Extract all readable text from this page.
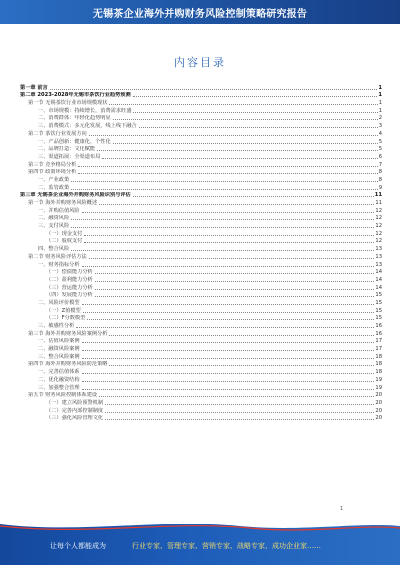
无锡茶企业海外并购财务风险控制策略研究报告
内容目录
第一章 前言	1
第二章 2023-2028年无锡市茶饮行业趋势预测	1
第一节 无锡茶饮行业市场规模现状	1
一、市场规模：持续增长，消费需求旺盛	1
二、消费群体：年轻化趋势明显	2
三、消费模式：多元化发展，线上线下融合	3
第二节 茶饮行业发展方向	4
一、产品创新：健康化、个性化	5
二、品牌打造：文化赋能	5
三、渠道拓展：全渠道布局	6
第三节 竞争格局分析	7
第四节 政策环境分析	8
一、产业政策	8
二、监管政策	9
第三章 无锡茶企业海外并购财务风险识别与评估	11
第一节 海外并购财务风险概述	11
一、并购估值风险	12
二、融资风险	12
三、支付风险	12
（一）现金支付	12
（二）股权支付	12
四、整合风险	13
第二节 财务风险评估方法	13
一、财务指标分析	13
（一）偿债能力分析	14
（二）盈利能力分析	14
（三）营运能力分析	14
（四）发展能力分析	15
二、风险评价模型	15
（一）Z值模型	15
（二）F分数模型	15
三、敏感性分析	16
第三节 海外并购财务风险案例分析	16
一、估值风险案例	17
二、融资风险案例	17
三、整合风险案例	18
第四节 海外并购财务风险防范策略	18
一、完善估值体系	18
二、优化融资结构	19
三、加强整合管理	19
第五节 财务风险控制体系建设	20
（一）建立风险预警机制	20
（二）完善内部控制制度	20
（三）强化风险管理文化	20
1
让每个人都能成为	行业专家、管理专家、营销专家、战略专家、成功企业家……
